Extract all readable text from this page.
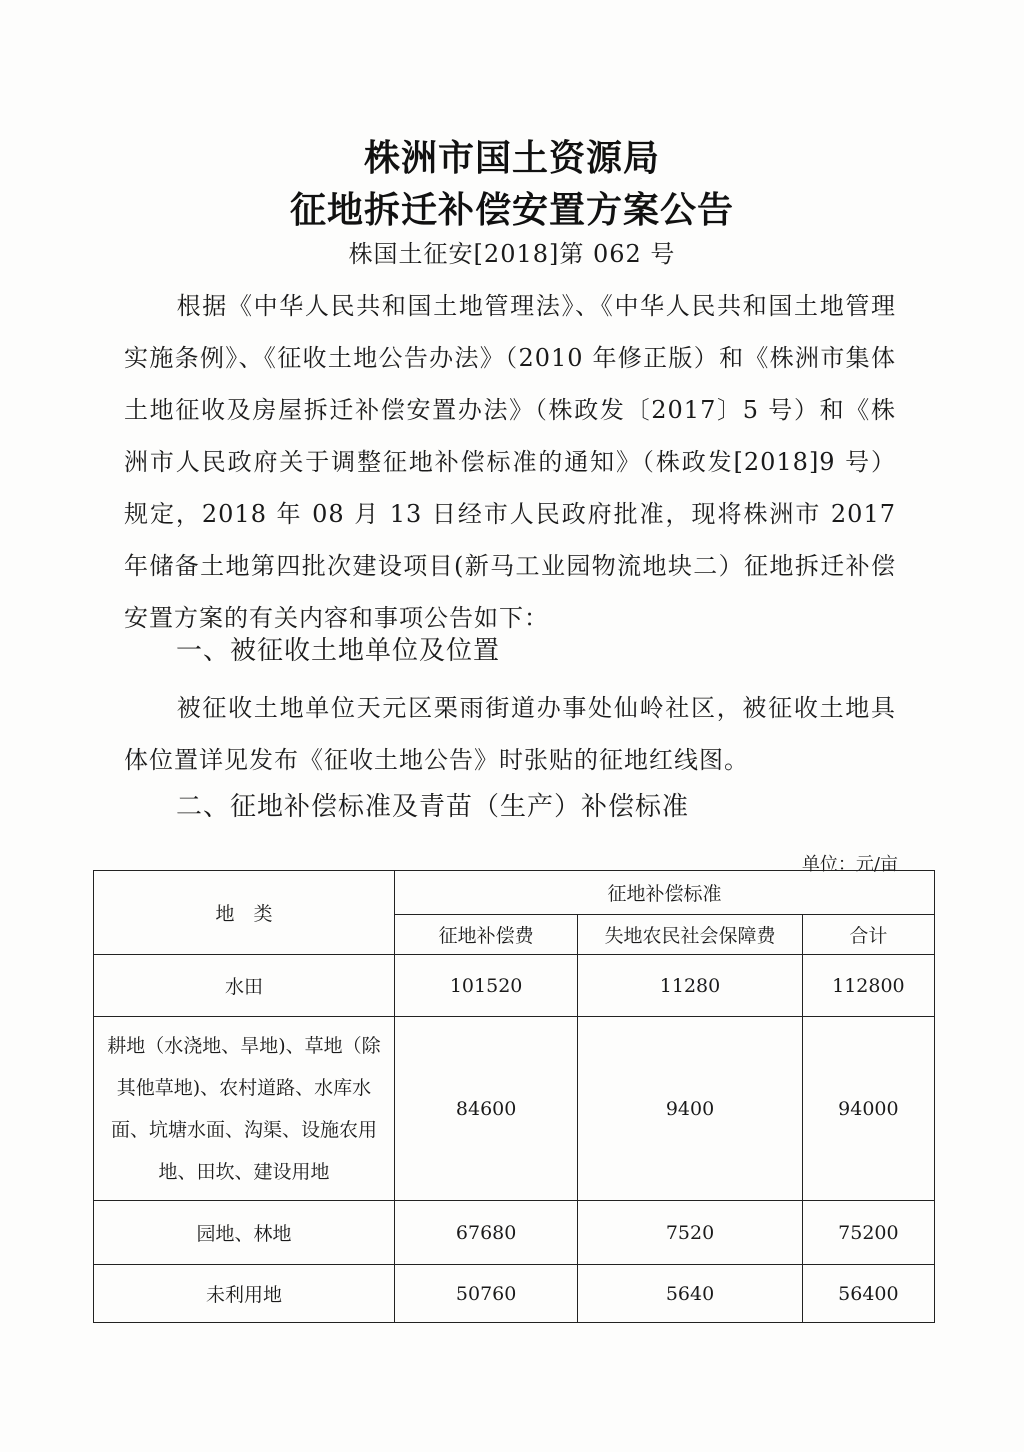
株洲市国土资源局
征地拆迁补偿安置方案公告
株国土征安[2018]第 062 号

根据《中华人民共和国土地管理法》、《中华人民共和国土地管理实施条例》、《征收土地公告办法》（2010 年修正版）和《株洲市集体土地征收及房屋拆迁补偿安置办法》（株政发〔2017〕5 号）和《株洲市人民政府关于调整征地补偿标准的通知》（株政发[2018]9 号）规定，2018 年 08 月 13 日经市人民政府批准，现将株洲市 2017 年储备土地第四批次建设项目(新马工业园物流地块二）征地拆迁补偿安置方案的有关内容和事项公告如下：

一、被征收土地单位及位置

被征收土地单位天元区栗雨街道办事处仙岭社区，被征收土地具体位置详见发布《征收土地公告》时张贴的征地红线图。

二、征地补偿标准及青苗（生产）补偿标准
单位：元/亩
地　类	征地补偿标准		
	征地补偿费	失地农民社会保障费	合计
水田	101520	11280	112800
耕地（水浇地、旱地)、草地（除其他草地)、农村道路、水库水面、坑塘水面、沟渠、设施农用地、田坎、建设用地	84600	9400	94000
园地、林地	67680	7520	75200
未利用地	50760	5640	56400
